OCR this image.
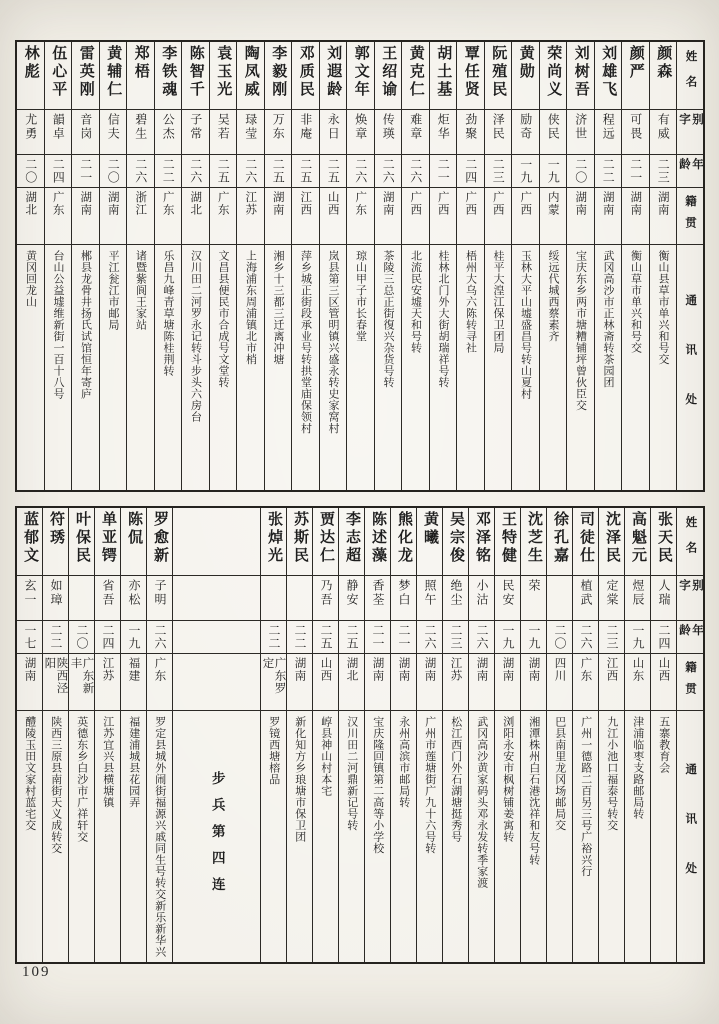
姓名
别字
年龄
籍贯
通讯处
颜森
有威
二三
湖南
衡山县草市单兴和号交
颜严
可畏
二一
湖南
衡山草市单兴和号交
刘雄飞
程远
二二
湖南
武冈高沙市正林斋转茶园团
刘树吾
济世
二〇
湖南
宝庆东乡两市塘糟铺坪曾伙臣交
荣尚义
侠民
一九
内蒙
绥远代城西蔡素齐
黄勋
励奇
一九
广西
玉林大平山墟盛昌号转山夏村
阮殖民
泽民
二三
广西
桂平大湟江保卫团局
覃任贤
劲聚
二四
广西
梧州大乌六陈转寻社
胡土基
炬华
二一
广西
桂林北门外大街胡瑞祥号转
黄克仁
难章
二六
广西
北流民安墟天和号转
王绍谕
传瑛
二六
湖南
茶陵三总正街復兴杂货号转
郭文年
焕章
二六
广东
琼山甲子市长春堂
刘遐龄
永日
二五
山西
岚县第三区管明镇兴盛永转史家窝村
邓质民
非庵
二五
江西
萍乡城正街段承业号转拱堂庙保领村
李毅刚
万东
二五
湖南
湘乡十三都三迁离冲塘
陶凤威
琭莹
二六
江苏
上海浦东周浦镇北市梢
袁玉光
吴若
二五
广东
文昌县便民市合成号文堂转
陈智千
子常
二六
湖北
汉川田二河罗永记转斗步头六房台
李铁魂
公杰
二二
广东
乐昌九峰青草塘陈桂荆转
郑梧
碧生
二六
浙江
诸暨紫阆王家站
黄辅仁
信夫
二〇
湖南
平江瓮江市邮局
雷英刚
音岗
二一
湖南
郴县龙骨井扬氏试馆恒年寄庐
伍心平
韻卓
二四
广东
台山公益墟维新街一百十八号
林彪
尤勇
二〇
湖北
黄冈回龙山
姓名
别字
年龄
籍贯
通讯处
张天民
人瑞
二四
山西
五寨教育会
高魁元
煜辰
一九
山东
津浦临枣支路邮局转
沈泽民
定棠
二三
江西
九江小池口福泰号转交
司徒仕
植武
二六
广东
广州一德路二百另三号广裕兴行
徐孔嘉
二〇
四川
巴县南里龙冈场邮局交
沈芝生
荣
一九
湖南
湘潭株州白石港沈祥和友号转
王特健
民安
一九
湖南
浏阳永安市枫树铺姜寓转
邓泽铭
小沽
二六
湖南
武冈高沙黄家码头邓永发转季家渡
吴宗俊
绝尘
二三
江苏
松江西门外石湖塘挺秀号
黄曦
照午
二六
湖南
广州市莲塘街广九十六号转
熊化龙
梦白
二一
湖南
永州高滨市邮局转
陈述藻
香荃
二一
湖南
宝庆隆回镇第二高等小学校
李志超
静安
二五
湖北
汉川田二河鼎新记号转
贾达仁
乃吾
二五
山西
崞县神山村本宅
苏斯民
二二
湖南
新化知方乡琅塘市保卫团
张焯光
二二
广东罗定
罗镜西塘榕品
步兵第四连
罗愈新
子明
二六
广东
罗定县城外闹街福源兴戚同生号转交新乐新华兴
陈侃
亦松
一九
福建
福建浦城县花园弄
单亚锷
省吾
二四
江苏
江苏宜兴县横塘镇
叶保民
二〇
广东新丰
英德东乡白沙市广祥轩交
符琇
如璋
二二
陕西泾阳
陕西三原县南街天义成转交
蓝郁文
玄一
一七
湖南
醴陵玉田文家村蓝宅交
109
